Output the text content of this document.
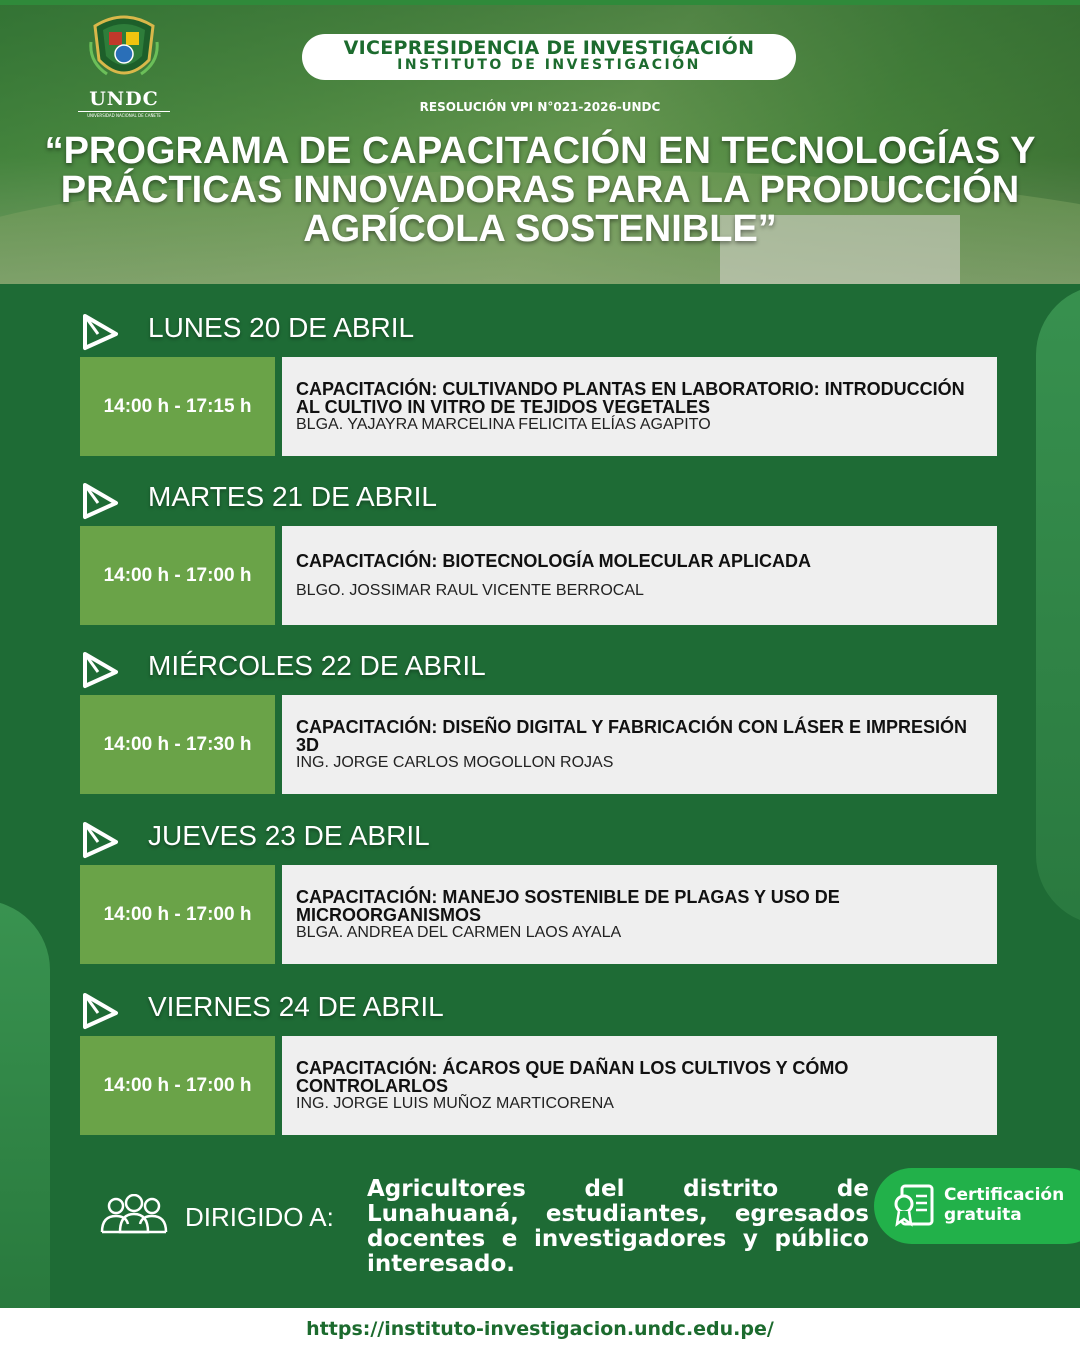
UNDC
UNIVERSIDAD NACIONAL DE CAÑETE
VICEPRESIDENCIA DE INVESTIGACIÓN
INSTITUTO DE INVESTIGACIÓN
RESOLUCIÓN VPI N°021-2026-UNDC
“PROGRAMA DE CAPACITACIÓN EN TECNOLOGÍAS Y PRÁCTICAS INNOVADORAS PARA LA PRODUCCIÓN AGRÍCOLA SOSTENIBLE”
LUNES 20 DE ABRIL
14:00 h - 17:15 h
CAPACITACIÓN: CULTIVANDO PLANTAS EN LABORATORIO: INTRODUCCIÓN AL CULTIVO IN VITRO DE TEJIDOS VEGETALES
BLGA. YAJAYRA MARCELINA FELICITA ELÍAS AGAPITO
MARTES 21 DE ABRIL
14:00 h - 17:00 h
CAPACITACIÓN: BIOTECNOLOGÍA MOLECULAR APLICADA
BLGO. JOSSIMAR RAUL VICENTE BERROCAL
MIÉRCOLES 22 DE ABRIL
14:00 h - 17:30 h
CAPACITACIÓN: DISEÑO DIGITAL Y FABRICACIÓN CON LÁSER E IMPRESIÓN 3D
ING. JORGE CARLOS MOGOLLON ROJAS
JUEVES 23 DE ABRIL
14:00 h - 17:00 h
CAPACITACIÓN: MANEJO SOSTENIBLE DE PLAGAS Y USO DE MICROORGANISMOS
BLGA. ANDREA DEL CARMEN LAOS AYALA
VIERNES 24 DE ABRIL
14:00 h - 17:00 h
CAPACITACIÓN: ÁCAROS QUE DAÑAN LOS CULTIVOS Y CÓMO CONTROLARLOS
ING. JORGE LUIS MUÑOZ MARTICORENA
DIRIGIDO A:
Agricultores del distrito de Lunahuaná, estudiantes, egresados docentes e investigadores y público interesado.
Certificación
gratuita
https://instituto-investigacion.undc.edu.pe/
